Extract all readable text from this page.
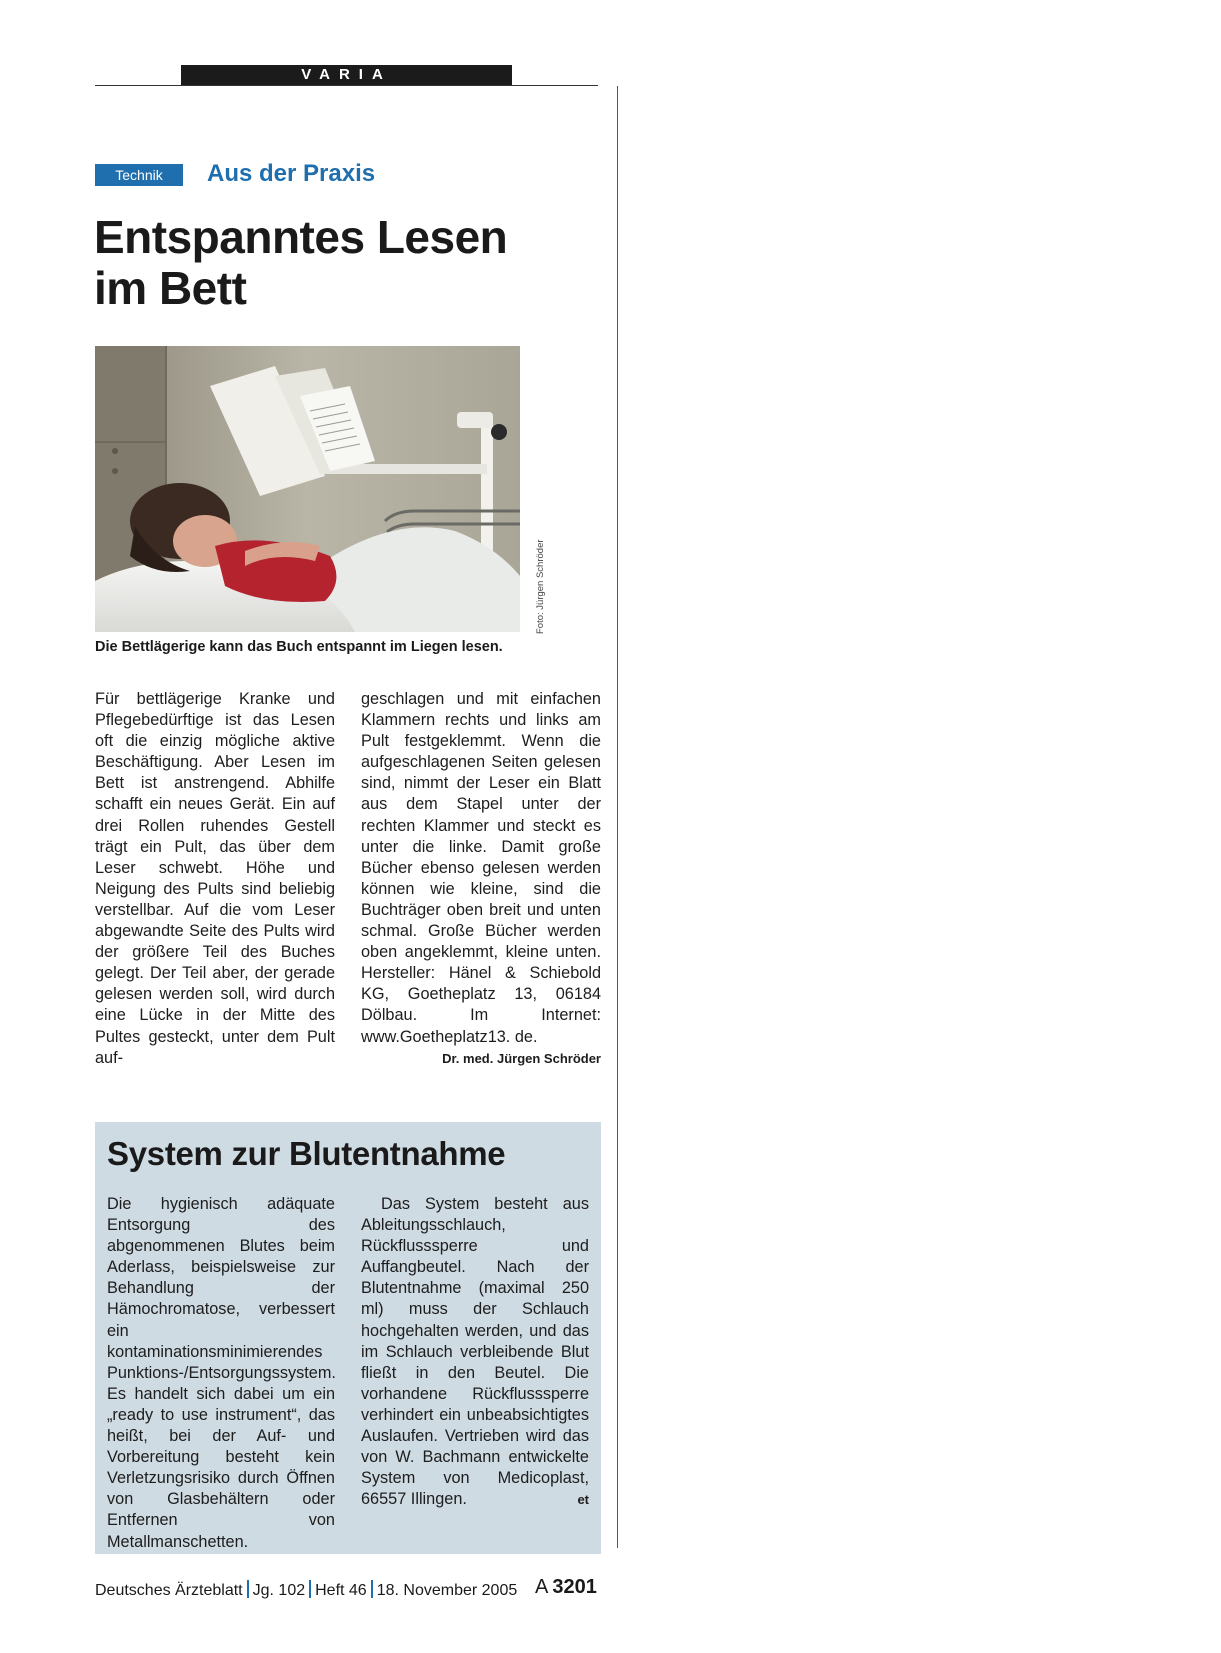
VARIA
Technik	Aus der Praxis
Entspanntes Lesen
im Bett
Foto: Jürgen Schröder
Die Bettlägerige kann das Buch entspannt im Liegen lesen.
Für bettlägerige Kranke und Pflegebedürftige ist das Lesen oft die einzig mögliche aktive Beschäftigung. Aber Lesen im Bett ist anstrengend. Abhilfe schafft ein neues Gerät. Ein auf drei Rollen ruhendes Gestell trägt ein Pult, das über dem Leser schwebt. Höhe und Neigung des Pults sind beliebig verstellbar. Auf die vom Leser abgewandte Seite des Pults wird der größere Teil des Buches gelegt. Der Teil aber, der gerade gelesen werden soll, wird durch eine Lücke in der Mitte des Pultes gesteckt, unter dem Pult auf-
geschlagen und mit einfachen Klammern rechts und links am Pult festgeklemmt. Wenn die aufgeschlagenen Seiten gelesen sind, nimmt der Leser ein Blatt aus dem Stapel unter der rechten Klammer und steckt es unter die linke. Damit große Bücher ebenso gelesen werden können wie kleine, sind die Buchträger oben breit und unten schmal. Große Bücher werden oben angeklemmt, kleine unten. Hersteller: Hänel & Schiebold KG, Goetheplatz 13, 06184 Dölbau. Im Internet: www.Goetheplatz13. de.
Dr. med. Jürgen Schröder
System zur Blutentnahme
Die hygienisch adäquate Entsorgung des abgenommenen Blutes beim Aderlass, beispielsweise zur Behandlung der Hämochromatose, verbessert ein kontaminationsminimierendes Punktions-/Entsorgungssystem. Es handelt sich dabei um ein „ready to use instrument“, das heißt, bei der Auf- und Vorbereitung besteht kein Verletzungsrisiko durch Öffnen von Glasbehältern oder Entfernen von Metallmanschetten.
Das System besteht aus Ableitungsschlauch, Rückflusssperre und Auffangbeutel. Nach der Blutentnahme (maximal 250 ml) muss der Schlauch hochgehalten werden, und das im Schlauch verbleibende Blut fließt in den Beutel. Die vorhandene Rückflusssperre verhindert ein unbeabsichtigtes Auslaufen. Vertrieben wird das von W. Bachmann entwickelte System von Medicoplast, 66557 Illingen.	et
Deutsches Ärzteblatt Jg. 102 Heft 46 18. November 2005 A  3201
